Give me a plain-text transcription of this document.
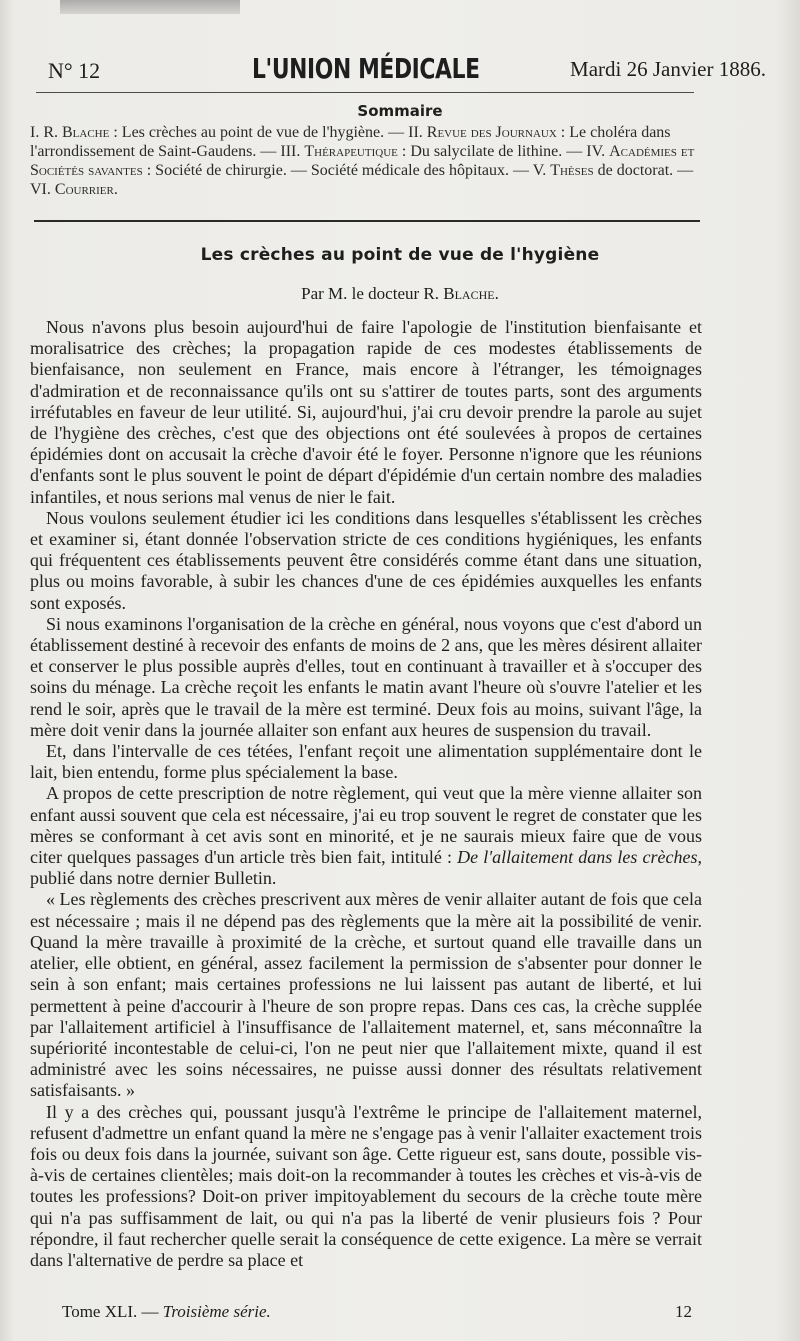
N° 12	L'UNION MÉDICALE	Mardi 26 Janvier 1886.
Sommaire

I. R. Blache : Les crèches au point de vue de l'hygiène. — II. Revue des Journaux : Le choléra dans l'arrondissement de Saint-Gaudens. — III. Thérapeutique : Du salycilate de lithine. — IV. Académies et Sociétés savantes : Société de chirurgie. — Société médicale des hôpitaux. — V. Thèses de doctorat. — VI. Courrier.

Les crèches au point de vue de l'hygiène
Par M. le docteur R. Blache.

Nous n'avons plus besoin aujourd'hui de faire l'apologie de l'institution bienfaisante et moralisatrice des crèches; la propagation rapide de ces modestes établissements de bienfaisance, non seulement en France, mais encore à l'étranger, les témoignages d'admiration et de reconnaissance qu'ils ont su s'attirer de toutes parts, sont des arguments irréfutables en faveur de leur utilité. Si, aujourd'hui, j'ai cru devoir prendre la parole au sujet de l'hygiène des crèches, c'est que des objections ont été soulevées à propos de certaines épidémies dont on accusait la crèche d'avoir été le foyer. Personne n'ignore que les réunions d'enfants sont le plus souvent le point de départ d'épidémie d'un certain nombre des maladies infantiles, et nous serions mal venus de nier le fait.

Nous voulons seulement étudier ici les conditions dans lesquelles s'établissent les crèches et examiner si, étant donnée l'observation stricte de ces conditions hygiéniques, les enfants qui fréquentent ces établissements peuvent être considérés comme étant dans une situation, plus ou moins favorable, à subir les chances d'une de ces épidémies auxquelles les enfants sont exposés.

Si nous examinons l'organisation de la crèche en général, nous voyons que c'est d'abord un établissement destiné à recevoir des enfants de moins de 2 ans, que les mères désirent allaiter et conserver le plus possible auprès d'elles, tout en continuant à travailler et à s'occuper des soins du ménage. La crèche reçoit les enfants le matin avant l'heure où s'ouvre l'atelier et les rend le soir, après que le travail de la mère est terminé. Deux fois au moins, suivant l'âge, la mère doit venir dans la journée allaiter son enfant aux heures de suspension du travail.

Et, dans l'intervalle de ces tétées, l'enfant reçoit une alimentation supplémentaire dont le lait, bien entendu, forme plus spécialement la base.

A propos de cette prescription de notre règlement, qui veut que la mère vienne allaiter son enfant aussi souvent que cela est nécessaire, j'ai eu trop souvent le regret de constater que les mères se conformant à cet avis sont en minorité, et je ne saurais mieux faire que de vous citer quelques passages d'un article très bien fait, intitulé : De l'allaitement dans les crèches, publié dans notre dernier Bulletin.

« Les règlements des crèches prescrivent aux mères de venir allaiter autant de fois que cela est nécessaire ; mais il ne dépend pas des règlements que la mère ait la possibilité de venir. Quand la mère travaille à proximité de la crèche, et surtout quand elle travaille dans un atelier, elle obtient, en général, assez facilement la permission de s'absenter pour donner le sein à son enfant; mais certaines professions ne lui laissent pas autant de liberté, et lui permettent à peine d'accourir à l'heure de son propre repas. Dans ces cas, la crèche supplée par l'allaitement artificiel à l'insuffisance de l'allaitement maternel, et, sans méconnaître la supériorité incontestable de celui-ci, l'on ne peut nier que l'allaitement mixte, quand il est administré avec les soins nécessaires, ne puisse aussi donner des résultats relativement satisfaisants. »

Il y a des crèches qui, poussant jusqu'à l'extrême le principe de l'allaitement maternel, refusent d'admettre un enfant quand la mère ne s'engage pas à venir l'allaiter exactement trois fois ou deux fois dans la journée, suivant son âge. Cette rigueur est, sans doute, possible vis-à-vis de certaines clientèles; mais doit-on la recommander à toutes les crèches et vis-à-vis de toutes les professions? Doit-on priver impitoyablement du secours de la crèche toute mère qui n'a pas suffisamment de lait, ou qui n'a pas la liberté de venir plusieurs fois ? Pour répondre, il faut rechercher quelle serait la conséquence de cette exigence. La mère se verrait dans l'alternative de perdre sa place et

Tome XLI. — Troisième série.	12
